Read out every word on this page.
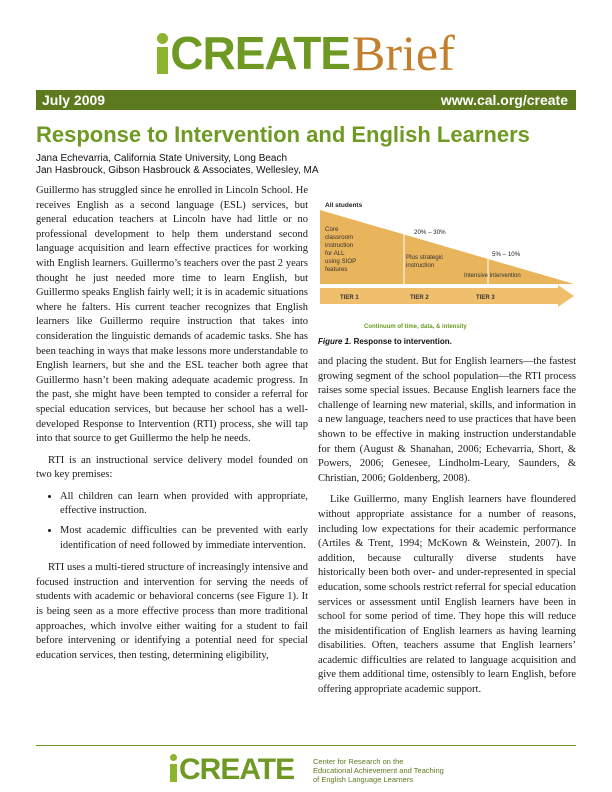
CREATEBrief
July 2009	www.cal.org/create
Response to Intervention and English Learners
Jana Echevarria, California State University, Long Beach
Jan Hasbrouck, Gibson Hasbrouck & Associates, Wellesley, MA

Guillermo has struggled since he enrolled in Lincoln School. He receives English as a second language (ESL) services, but general education teachers at Lincoln have had little or no professional development to help them understand second language acquisition and learn effective practices for working with English learners. Guillermo’s teachers over the past 2 years thought he just needed more time to learn English, but Guillermo speaks English fairly well; it is in academic situations where he falters. His current teacher recognizes that English learners like Guillermo require instruction that takes into consideration the linguistic demands of academic tasks. She has been teaching in ways that make lessons more understandable to English learners, but she and the ESL teacher both agree that Guillermo hasn’t been making adequate academic progress. In the past, she might have been tempted to consider a referral for special education services, but because her school has a well-developed Response to Intervention (RTI) process, she will tap into that source to get Guillermo the help he needs.

RTI is an instructional service delivery model founded on two key premises:

• All children can learn when provided with appropriate, effective instruction.
• Most academic difficulties can be prevented with early identification of need followed by immediate intervention.

RTI uses a multi-tiered structure of increasingly intensive and focused instruction and intervention for serving the needs of students with academic or behavioral concerns (see Figure 1). It is being seen as a more effective process than more traditional approaches, which involve either waiting for a student to fail before intervening or identifying a potential need for special education services, then testing, determining eligibility,

All students
Core classroom instruction for ALL using SIOP features
20% – 30%
Plus strategic instruction
5% – 10%
Intensive intervention
TIER 1	TIER 2	TIER 3
Continuum of time, data, & intensity
Figure 1. Response to intervention.

and placing the student. But for English learners—the fastest growing segment of the school population—the RTI process raises some special issues. Because English learners face the challenge of learning new material, skills, and information in a new language, teachers need to use practices that have been shown to be effective in making instruction understandable for them (August & Shanahan, 2006; Echevarria, Short, & Powers, 2006; Genesee, Lindholm-Leary, Saunders, & Christian, 2006; Goldenberg, 2008).

Like Guillermo, many English learners have floundered without appropriate assistance for a number of reasons, including low expectations for their academic performance (Artiles & Trent, 1994; McKown & Weinstein, 2007). In addition, because culturally diverse students have historically been both over- and under-represented in special education, some schools restrict referral for special education services or assessment until English learners have been in school for some period of time. They hope this will reduce the misidentification of English learners as having learning disabilities. Often, teachers assume that English learners’ academic difficulties are related to language acquisition and give them additional time, ostensibly to learn English, before offering appropriate academic support.

CREATE	Center for Research on the
Educational Achievement and Teaching
of English Language Learners
